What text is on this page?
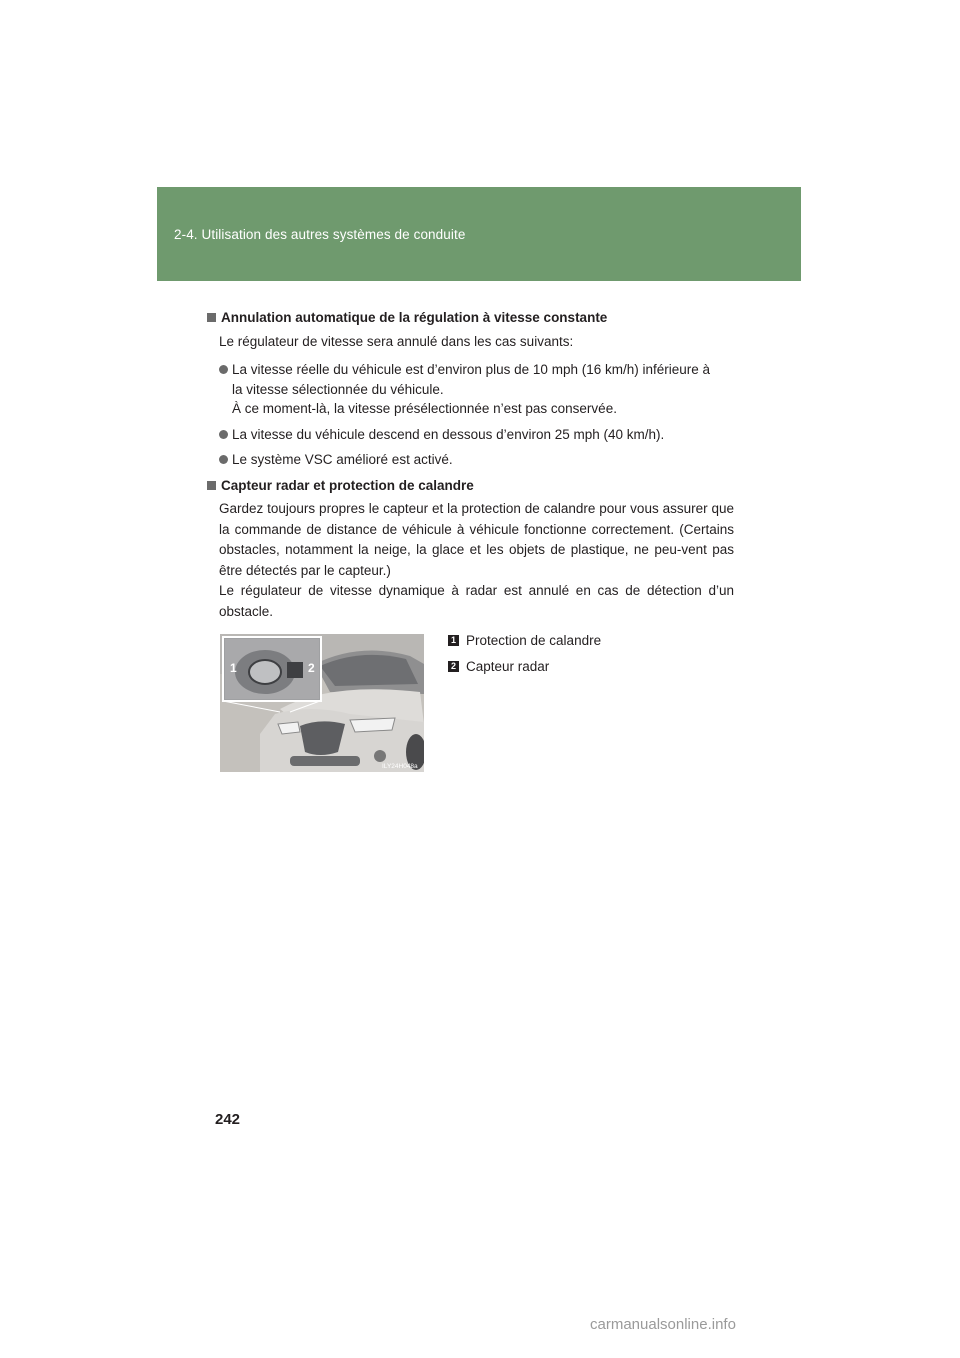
2-4. Utilisation des autres systèmes de conduite
Annulation automatique de la régulation à vitesse constante
Le régulateur de vitesse sera annulé dans les cas suivants:
La vitesse réelle du véhicule est d’environ plus de 10 mph (16 km/h) inférieure à
la vitesse sélectionnée du véhicule.
À ce moment-là, la vitesse présélectionnée n’est pas conservée.
La vitesse du véhicule descend en dessous d’environ 25 mph (40 km/h).
Le système VSC amélioré est activé.
Capteur radar et protection de calandre

Gardez toujours propres le capteur et la protection de calandre pour vous assurer que la commande de distance de véhicule à véhicule fonctionne correctement. (Certains obstacles, notamment la neige, la glace et les objets de plastique, ne peu-vent pas être détectés par le capteur.)

Le régulateur de vitesse dynamique à radar est annulé en cas de détection d’un obstacle.

1	2
ILY24H048a
1 Protection de calandre
2 Capteur radar
242
carmanualsonline.info
